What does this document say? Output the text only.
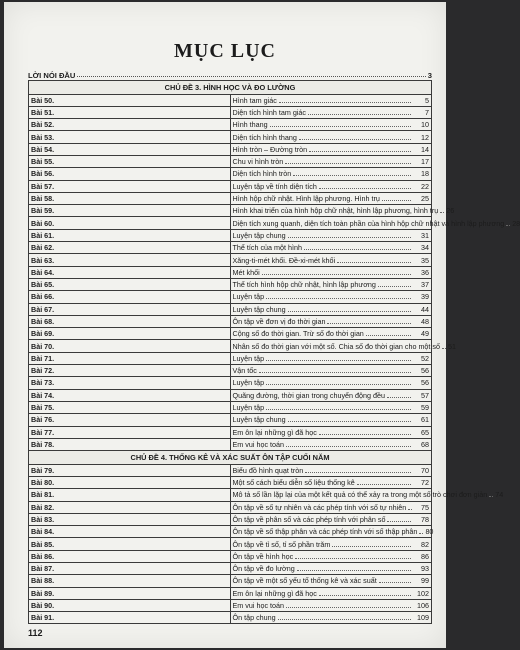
MỤC LỤC
LỜI NÓI ĐẦU	3
CHỦ ĐỀ 3. HÌNH HỌC VÀ ĐO LƯỜNG	
Bài 50.	Hình tam giác 5

Bài 51.	Diện tích hình tam giác 7

Bài 52.	Hình thang 10

Bài 53.	Diện tích hình thang 12

Bài 54.	Hình tròn – Đường tròn 14

Bài 55.	Chu vi hình tròn 17

Bài 56.	Diện tích hình tròn 18

Bài 57.	Luyện tập về tính diện tích 22

Bài 58.	Hình hộp chữ nhật. Hình lập phương. Hình trụ 25

Bài 59.	Hình khai triển của hình hộp chữ nhật, hình lập phương, hình trụ 26

Bài 60.	Diện tích xung quanh, diện tích toàn phần của hình hộp chữ nhật và hình lập phương 28

Bài 61.	Luyện tập chung 31

Bài 62.	Thể tích của một hình 34

Bài 63.	Xăng-ti-mét khối. Đề-xi-mét khối 35

Bài 64.	Mét khối 36

Bài 65.	Thể tích hình hộp chữ nhật, hình lập phương 37

Bài 66.	Luyện tập 39

Bài 67.	Luyện tập chung 44

Bài 68.	Ôn tập về đơn vị đo thời gian 48

Bài 69.	Cộng số đo thời gian. Trừ số đo thời gian 49

Bài 70.	Nhân số đo thời gian với một số. Chia số đo thời gian cho một số 51

Bài 71.	Luyện tập 52

Bài 72.	Vận tốc 56

Bài 73.	Luyện tập 56

Bài 74.	Quãng đường, thời gian trong chuyển động đều 57

Bài 75.	Luyện tập 59

Bài 76.	Luyện tập chung 61

Bài 77.	Em ôn lại những gì đã học 65

Bài 78.	Em vui học toán 68

CHỦ ĐỀ 4. THỐNG KÊ VÀ XÁC SUẤT ÔN TẬP CUỐI NĂM	
Bài 79.	Biểu đồ hình quạt tròn 70

Bài 80.	Một số cách biểu diễn số liệu thống kê 72

Bài 81.	Mô tả số lần lặp lại của một kết quả có thể xảy ra trong một số trò chơi đơn giản 74

Bài 82.	Ôn tập về số tự nhiên và các phép tính với số tự nhiên 75

Bài 83.	Ôn tập về phân số và các phép tính với phân số 78

Bài 84.	Ôn tập về số thập phân và các phép tính với số thập phân 80

Bài 85.	Ôn tập về tỉ số, tỉ số phần trăm 82

Bài 86.	Ôn tập về hình học 86

Bài 87.	Ôn tập về đo lường 93

Bài 88.	Ôn tập về một số yếu tố thống kê và xác suất 99

Bài 89.	Em ôn lại những gì đã học 102

Bài 90.	Em vui học toán 106

Bài 91.	Ôn tập chung 109
112
